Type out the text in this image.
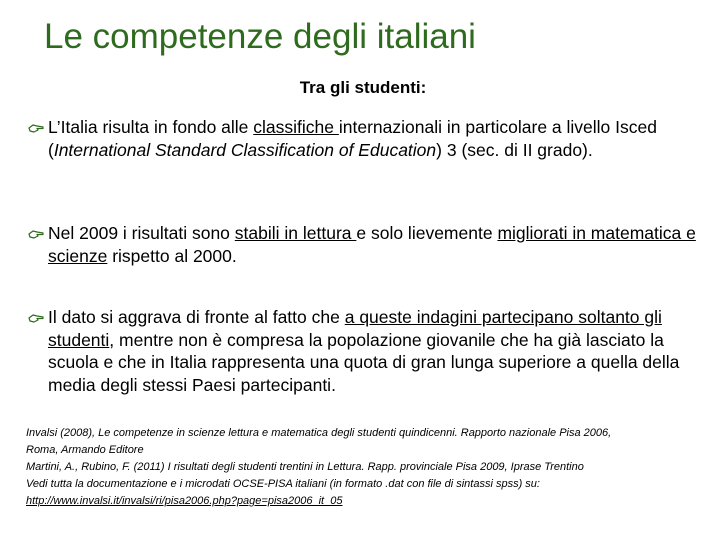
Le competenze degli italiani
Tra gli studenti:
L’Italia risulta in fondo alle classifiche internazionali in particolare a livello Isced (International Standard Classification of Education) 3 (sec. di II grado).
Nel 2009 i risultati sono stabili in lettura e solo lievemente migliorati in matematica e scienze rispetto al 2000.
Il dato si aggrava di fronte al fatto che a queste indagini partecipano soltanto gli studenti, mentre non è compresa la popolazione giovanile che ha già lasciato la scuola e che in Italia rappresenta una quota di gran lunga superiore a quella della media degli stessi Paesi partecipanti.
Invalsi (2008), Le competenze in scienze lettura e matematica degli studenti quindicenni. Rapporto nazionale Pisa 2006,
Roma, Armando Editore
Martini, A., Rubino, F. (2011) I risultati degli studenti trentini in Lettura. Rapp. provinciale Pisa 2009, Iprase Trentino
Vedi tutta la documentazione e i microdati OCSE-PISA italiani (in formato .dat con file di sintassi spss) su:
http://www.invalsi.it/invalsi/ri/pisa2006.php?page=pisa2006_it_05
